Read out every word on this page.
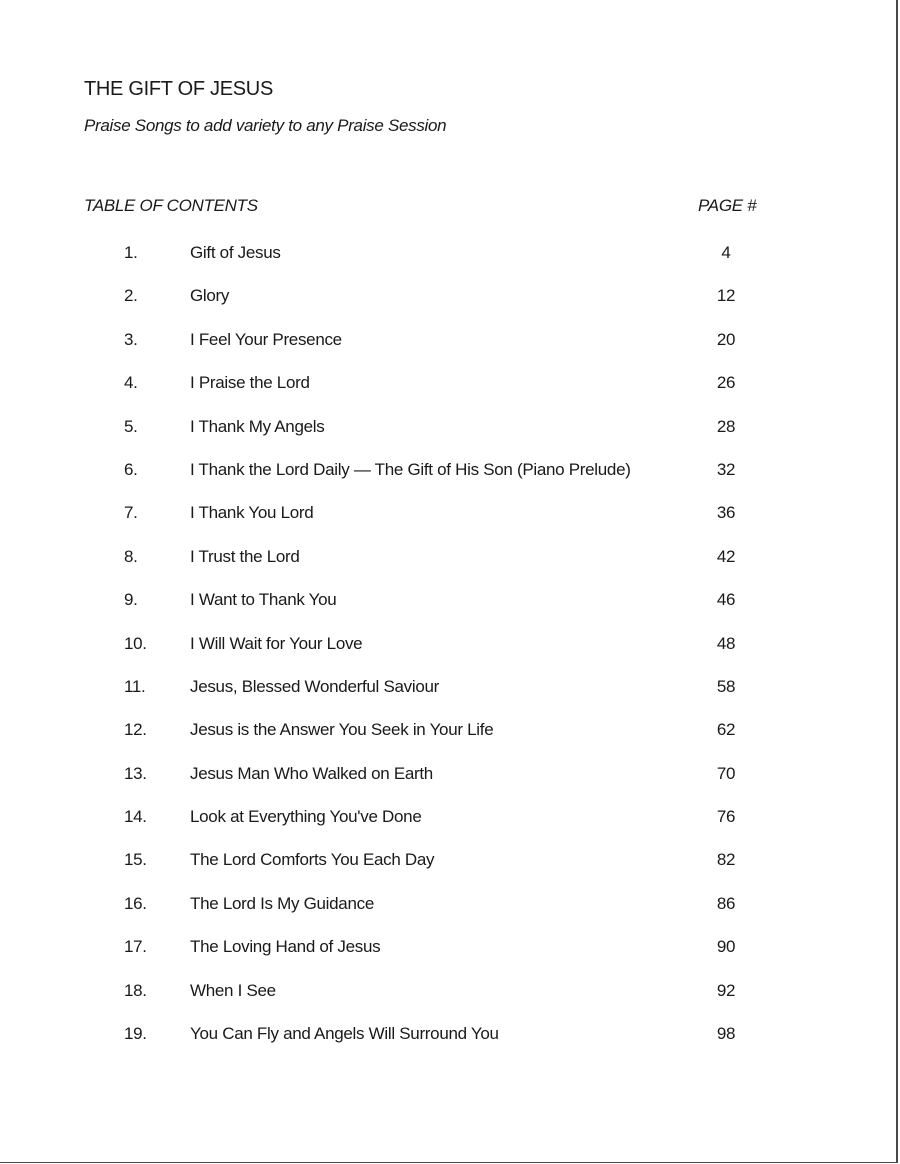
THE GIFT OF JESUS

Praise Songs to add variety to any Praise Session

TABLE OF CONTENTS	PAGE #
1.	Gift of Jesus	4
2.	Glory	12
3.	I Feel Your Presence	20
4.	I Praise the Lord	26
5.	I Thank My Angels	28
6.	I Thank the Lord Daily — The Gift of His Son (Piano Prelude)	32
7.	I Thank You Lord	36
8.	I Trust the Lord	42
9.	I Want to Thank You	46
10.	I Will Wait for Your Love	48
11.	Jesus, Blessed Wonderful Saviour	58
12.	Jesus is the Answer You Seek in Your Life	62
13.	Jesus Man Who Walked on Earth	70
14.	Look at Everything You've Done	76
15.	The Lord Comforts You Each Day	82
16.	The Lord Is My Guidance	86
17.	The Loving Hand of Jesus	90
18.	When I See	92
19.	You Can Fly and Angels Will Surround You	98
